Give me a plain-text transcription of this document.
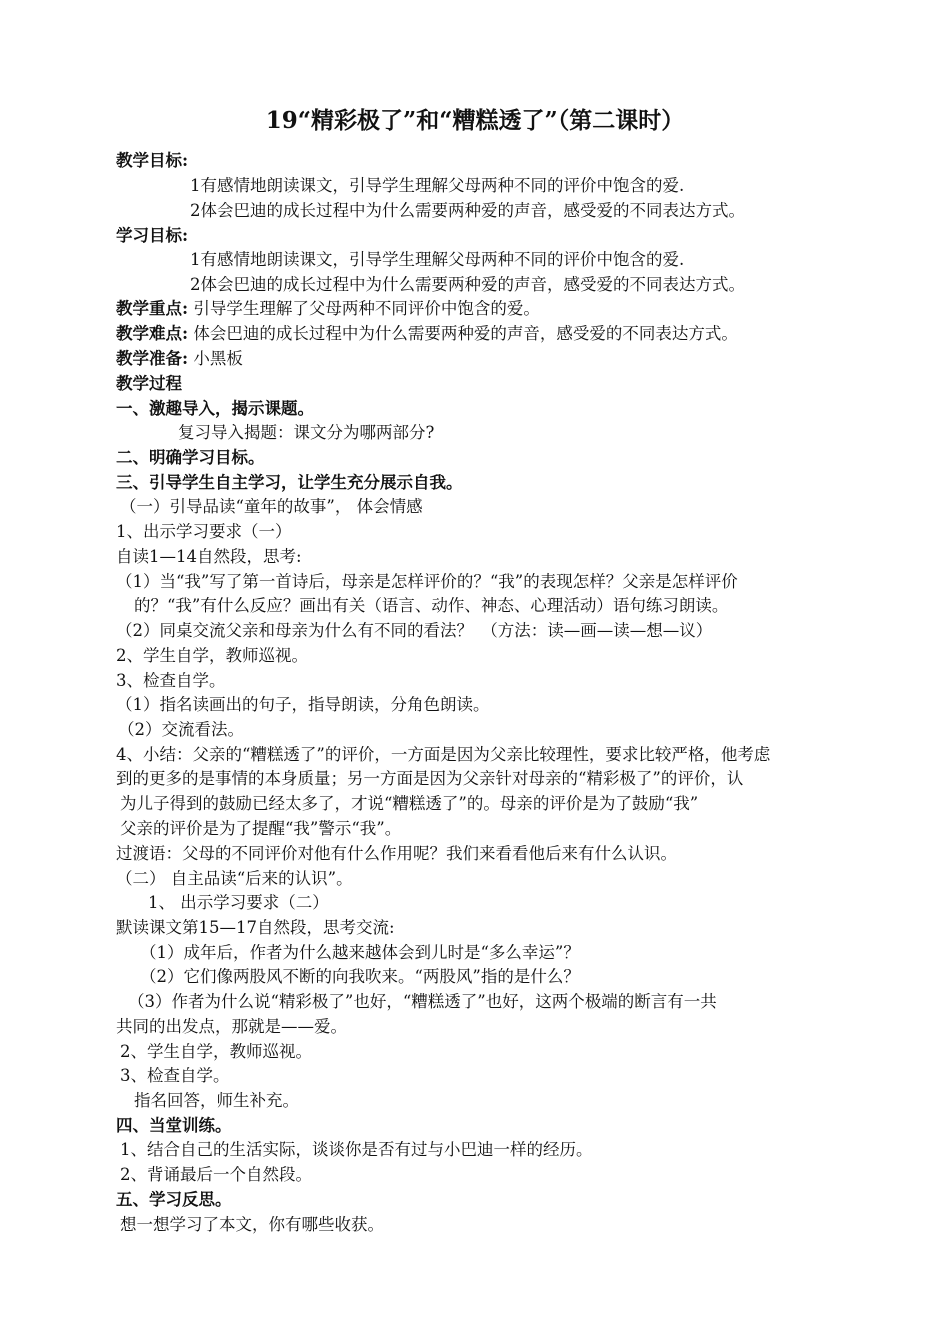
19“精彩极了”和“糟糕透了”（第二课时）
教学目标:
1有感情地朗读课文，引导学生理解父母两种不同的评价中饱含的爱.
2体会巴迪的成长过程中为什么需要两种爱的声音，感受爱的不同表达方式。
学习目标:
1有感情地朗读课文，引导学生理解父母两种不同的评价中饱含的爱.
2体会巴迪的成长过程中为什么需要两种爱的声音，感受爱的不同表达方式。
教学重点: 引导学生理解了父母两种不同评价中饱含的爱。
教学难点: 体会巴迪的成长过程中为什么需要两种爱的声音，感受爱的不同表达方式。
教学准备: 小黑板
教学过程
一、激趣导入，揭示课题。
复习导入揭题：课文分为哪两部分?
二、明确学习目标。
三、引导学生自主学习，让学生充分展示自我。
（一）引导品读“童年的故事”， 体会情感
1、出示学习要求（一）
自读1—14自然段，思考:
（1）当“我”写了第一首诗后，母亲是怎样评价的？“我”的表现怎样？父亲是怎样评价
的？“我”有什么反应？画出有关（语言、动作、神态、心理活动）语句练习朗读。
（2）同桌交流父亲和母亲为什么有不同的看法？　（方法：读—画—读—想—议）
2、学生自学，教师巡视。
3、检查自学。
（1）指名读画出的句子，指导朗读，分角色朗读。
（2）交流看法。
4、小结：父亲的“糟糕透了”的评价，一方面是因为父亲比较理性，要求比较严格，他考虑
到的更多的是事情的本身质量；另一方面是因为父亲针对母亲的“精彩极了”的评价，认
为儿子得到的鼓励已经太多了，才说“糟糕透了”的。母亲的评价是为了鼓励“我”
父亲的评价是为了提醒“我”警示“我”。
过渡语：父母的不同评价对他有什么作用呢？我们来看看他后来有什么认识。
（二） 自主品读“后来的认识”。
1、 出示学习要求（二）
默读课文第15—17自然段，思考交流:
（1）成年后，作者为什么越来越体会到儿时是“多么幸运”？
（2）它们像两股风不断的向我吹来。“两股风”指的是什么？
（3）作者为什么说“精彩极了”也好，“糟糕透了”也好，这两个极端的断言有一共
共同的出发点，那就是——爱。
2、学生自学，教师巡视。
3、检查自学。
指名回答，师生补充。
四、当堂训练。
1、结合自己的生活实际，谈谈你是否有过与小巴迪一样的经历。
2、背诵最后一个自然段。
五、学习反思。
想一想学习了本文，你有哪些收获。
